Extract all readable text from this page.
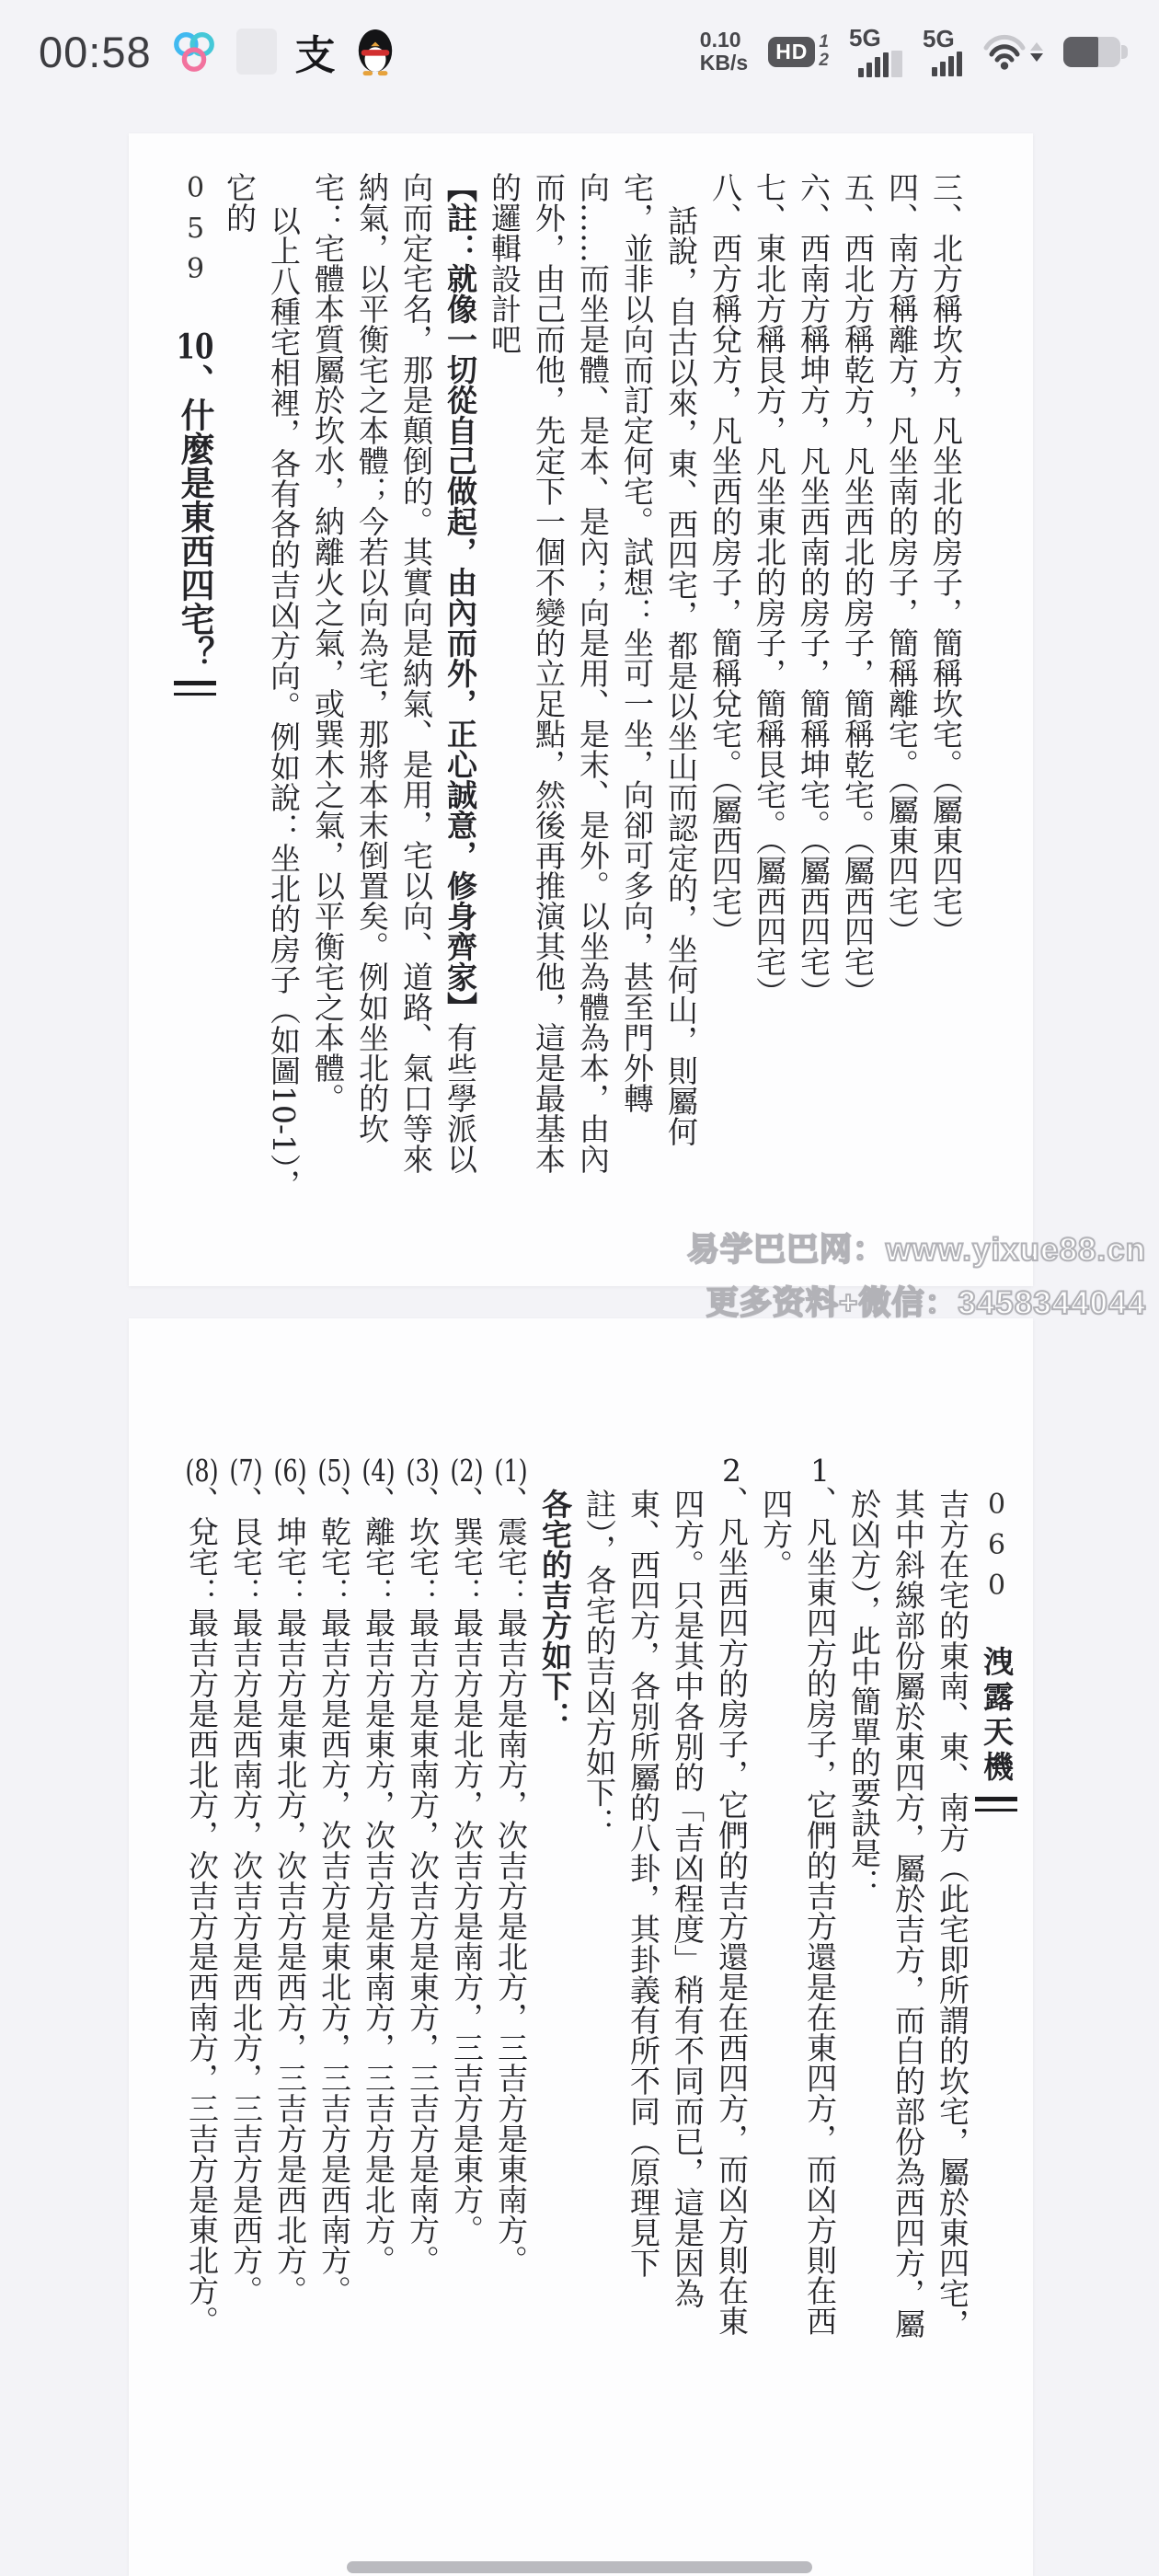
00:58	支	0.10
KB/s	HD 1
2
5G 5G

三、北方稱坎方，凡坐北的房子，簡稱坎宅。（屬東四宅）

四、南方稱離方，凡坐南的房子，簡稱離宅。（屬東四宅）

五、西北方稱乾方，凡坐西北的房子，簡稱乾宅。（屬西四宅）

六、西南方稱坤方，凡坐西南的房子，簡稱坤宅。（屬西四宅）

七、東北方稱艮方，凡坐東北的房子，簡稱艮宅。（屬西四宅）

八、西方稱兌方，凡坐西的房子，簡稱兌宅。（屬西四宅）

話說，自古以來，東、西四宅，都是以坐山而認定的，坐何山，則屬何宅，並非以向而訂定何宅。試想：坐可一坐，向卻可多向，甚至門外轉向……而坐是體、是本、是內；向是用、是末、是外。以坐為體為本，由內而外，由己而他，先定下一個不變的立足點，然後再推演其他，這是最基本的邏輯設計吧【註：就像一切從自己做起，由內而外，正心誠意，修身齊家】有些學派以向而定宅名，那是顛倒的。其實向是納氣、是用，宅以向、道路、氣口等來納氣，以平衡宅之本體；今若以向為宅，那將本末倒置矣。例如坐北的坎宅：宅體本質屬於坎水，納離火之氣，或巽木之氣，以平衡宅之本體。

以上八種宅相裡，各有各的吉凶方向。例如說：坐北的房子（如圖10-1），它的

05910、什麼是東西四宅？

060洩露天機

吉方在宅的東南、東、南方（此宅即所謂的坎宅，屬於東四宅，其中斜線部份屬於東四方，屬於吉方，而白的部份為西四方，屬於凶方），此中簡單的要訣是：

1、凡坐東四方的房子，它們的吉方還是在東四方，而凶方則在西四方。

2、凡坐西四方的房子，它們的吉方還是在西四方，而凶方則在東四方。只是其中各別的「吉凶程度」稍有不同而已，這是因為東、西四方，各別所屬的八卦，其卦義有所不同（原理見下註），各宅的吉凶方如下：

各宅的吉方如下：

(1)、震宅：最吉方是南方，次吉方是北方，三吉方是東南方。

(2)、巽宅：最吉方是北方，次吉方是南方，三吉方是東方。

(3)、坎宅：最吉方是東南方，次吉方是東方，三吉方是南方。

(4)、離宅：最吉方是東方，次吉方是東南方，三吉方是北方。

(5)、乾宅：最吉方是西方，次吉方是東北方，三吉方是西南方。

(6)、坤宅：最吉方是東北方，次吉方是西方，三吉方是西北方。

(7)、艮宅：最吉方是西南方，次吉方是西北方，三吉方是西方。

(8)、兌宅：最吉方是西北方，次吉方是西南方，三吉方是東北方。

易学巴巴网：www.yixue88.cn
更多资料+微信：3458344044
